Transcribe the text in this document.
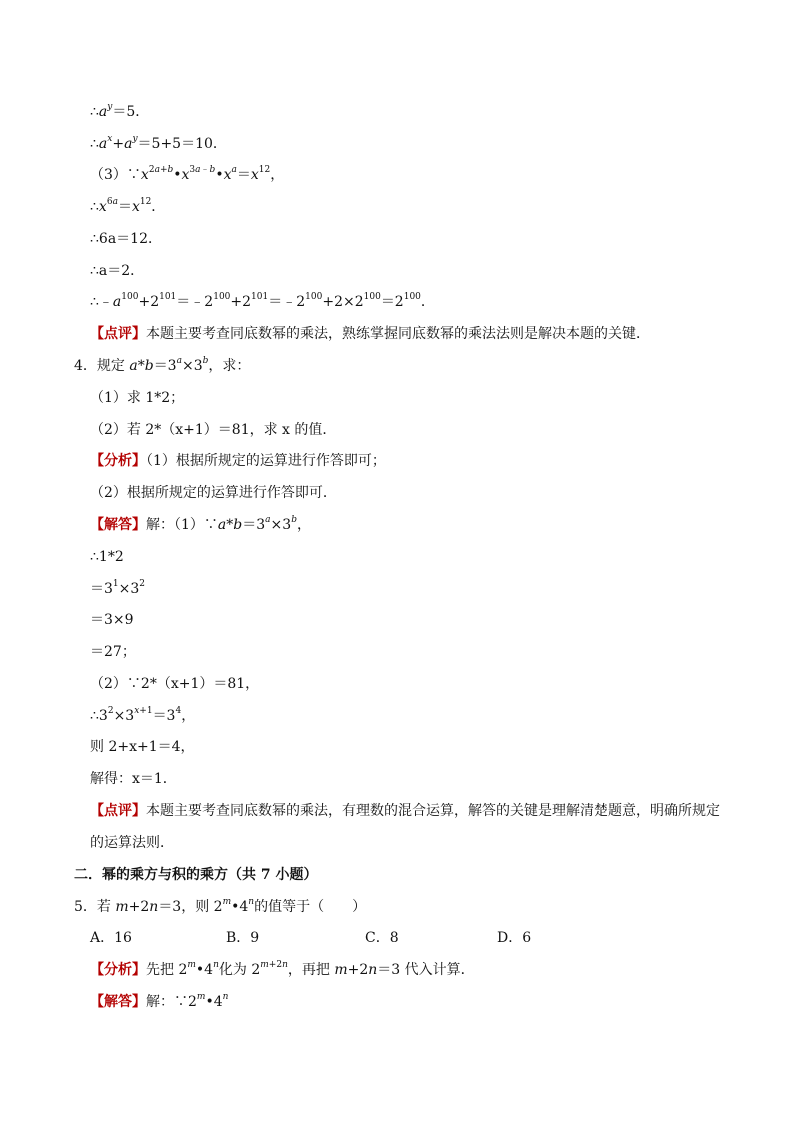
$\therefore a^y=5$．
$\therefore a^x+a^y=5+5=10$．
$(3)\because x^{2a+b}•x^{3a﹣b}•x^a=x^{12}$，
$\therefore x^{6a}=x^{12}$．
∴6a＝12．
∴a＝2．
$\therefore﹣a^{100}+2^{101}=﹣2^{100}+2^{101}=﹣2^{100}+2\times 2^{100}=2^{100}$．
【点评】本题主要考查同底数幂的乘法，熟练掌握同底数幂的乘法法则是解决本题的关键．
4．规定 $a*b=3^a\times 3^b$，求：
（1）求 1*2；
（2）若 2*（x+1）＝81，求 x 的值．
【分析】（1）根据所规定的运算进行作答即可；
（2）根据所规定的运算进行作答即可．
【解答】解：$(1)\because a*b=3^a\times 3^b$，
∴1*2
$=3^1\times 3^2$
＝3×9
＝27；
（2）∵2*（x+1）＝81，
$\therefore 3^2\times 3^{x+1}=3^4$，
则 2+x+1＝4，
解得：x＝1．
【点评】本题主要考查同底数幂的乘法，有理数的混合运算，解答的关键是理解清楚题意，明确所规定
的运算法则．
二．幂的乘方与积的乘方（共 7 小题）
5．若 m+2n＝3，则 2$^m$•4$^n$的值等于（　　）
A．16	B．9	C．8	D．6
【分析】先把 2$^m$•4$^n$化为 $2^{m+2n}$，再把 m+2n＝3 代入计算．
【解答】解：∵2$^m$•4$^n$
